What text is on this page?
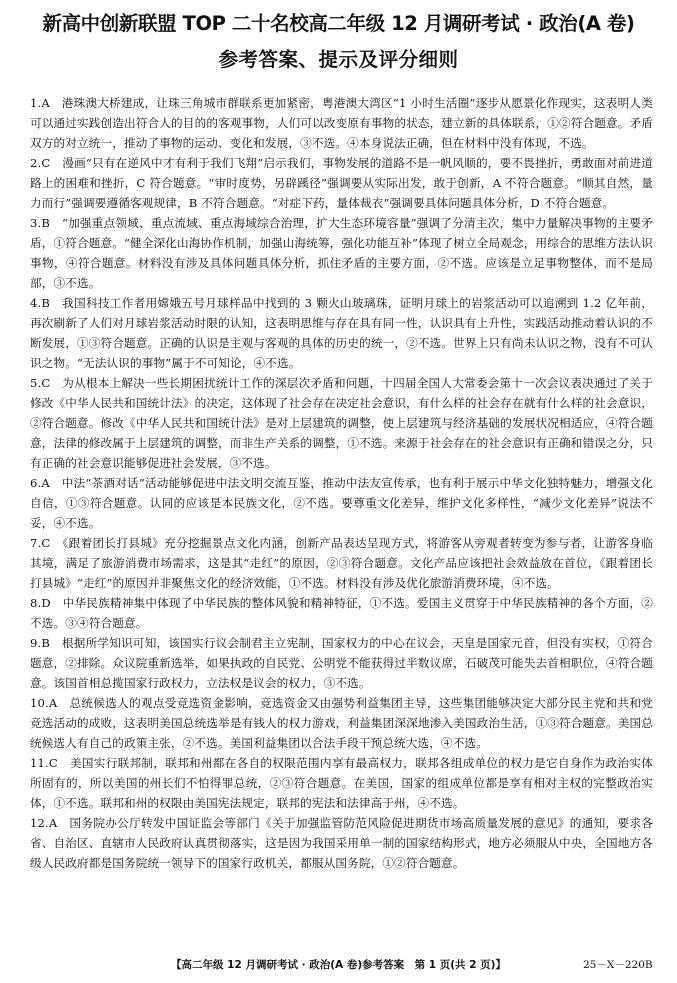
新高中创新联盟 TOP 二十名校高二年级 12 月调研考试 · 政治(A 卷)
参考答案、提示及评分细则
1.A　 港珠澳大桥建成，让珠三角城市群联系更加紧密，粤港澳大湾区“1 小时生活圈”逐步从愿景化作现实，这表明人类可以通过实践创造出符合人的目的的客观事物，人们可以改变原有事物的状态，建立新的具体联系，①②符合题意。矛盾双方的对立统一，推动了事物的运动、变化和发展，③不选。④本身说法正确，但在材料中没有体现，不选。
2.C　 漫画“只有在逆风中才有利于我们飞翔”启示我们，事物发展的道路不是一帆风顺的，要不畏挫折，勇敢面对前进道路上的困难和挫折，C 符合题意。“审时度势，另辟蹊径”强调要从实际出发，敢于创新，A 不符合题意。“顺其自然，量力而行”强调要遵循客观规律，B 不符合题意。“对症下药，量体裁衣”强调要具体问题具体分析，D 不符合题意。
3.B　 “加强重点领域、重点流域、重点海域综合治理，扩大生态环境容量”强调了分清主次，集中力量解决事物的主要矛盾，①符合题意。“健全深化山海协作机制，加强山海统筹，强化功能互补”体现了树立全局观念，用综合的思维方法认识事物，④符合题意。材料没有涉及具体问题具体分析，抓住矛盾的主要方面，②不选。应该是立足事物整体，而不是局部，③不选。
4.B　 我国科技工作者用嫦娥五号月球样品中找到的 3 颗火山玻璃珠，证明月球上的岩浆活动可以追溯到 1.2 亿年前，再次刷新了人们对月球岩浆活动时限的认知，这表明思维与存在具有同一性，认识具有上升性，实践活动推动着认识的不断发展，①③符合题意。正确的认识是主观与客观的具体的历史的统一，②不选。世界上只有尚未认识之物，没有不可认识之物。“无法认识的事物”属于不可知论，④不选。
5.C　 为从根本上解决一些长期困扰统计工作的深层次矛盾和问题，十四届全国人大常委会第十一次会议表决通过了关于修改《中华人民共和国统计法》的决定，这体现了社会存在决定社会意识，有什么样的社会存在就有什么样的社会意识，②符合题意。修改《中华人民共和国统计法》是对上层建筑的调整，使上层建筑与经济基础的发展状况相适应，④符合题意，法律的修改属于上层建筑的调整，而非生产关系的调整，①不选。来源于社会存在的社会意识有正确和错误之分，只有正确的社会意识能够促进社会发展，③不选。
6.A　 中法“茶酒对话”活动能够促进中法文明交流互鉴，推动中法友宣传承，也有利于展示中华文化独特魅力，增强文化自信，①③符合题意。认同的应该是本民族文化，②不选。要尊重文化差异，维护文化多样性，“减少文化差异”说法不妥，④不选。
7.C　 《跟着团长打县城》充分挖掘景点文化内涵，创新产品表达呈现方式，将游客从旁观者转变为参与者，让游客身临其境，满足了旅游消费市场需求，这是其“走红”的原因，②③符合题意。文化产品应该把社会效益放在首位，《跟着团长打县城》“走红”的原因并非聚焦文化的经济效能，①不选。材料没有涉及优化旅游消费环境，④不选。
8.D　 中华民族精神集中体现了中华民族的整体风貌和精神特征，①不选。爱国主义贯穿于中华民族精神的各个方面，②不选。③④符合题意。
9.B　 根据所学知识可知，该国实行议会制君主立宪制，国家权力的中心在议会，天皇是国家元首，但没有实权，①符合题意，②排除。众议院重新选举，如果执政的自民党、公明党不能获得过半数议席，石破茂可能失去首相职位，④符合题意。该国首相总揽国家行政权力，立法权是议会的权力，③不选。
10.A　 总统候选人的观点受竞选资金影响，竞选资金又由强势利益集团主导，这些集团能够决定大部分民主党和共和党竞选活动的成败，这表明美国总统选举是有钱人的权力游戏，利益集团深深地渗入美国政治生活，①③符合题意。美国总统候选人有自己的政策主张，②不选。美国利益集团以合法手段干预总统大选，④不选。
11.C　 美国实行联邦制，联邦和州都在各自的权限范围内享有最高权力，联邦各组成单位的权力是它自身作为政治实体所固有的，所以美国的州长们不怕得罪总统，②③符合题意。在美国，国家的组成单位都是享有相对主权的完整政治实体，①不选。联邦和州的权限由美国宪法规定，联邦的宪法和法律高于州，④不选。
12.A　 国务院办公厅转发中国证监会等部门《关于加强监管防范风险促进期货市场高质量发展的意见》的通知，要求各省、自治区、直辖市人民政府认真贯彻落实，这是因为我国采用单一制的国家结构形式，地方必须服从中央，全国地方各级人民政府都是国务院统一领导下的国家行政机关，都服从国务院，①②符合题意。
【高二年级 12 月调研考试 · 政治(A 卷)参考答案　第 1 页(共 2 页)】	25－X－220B
